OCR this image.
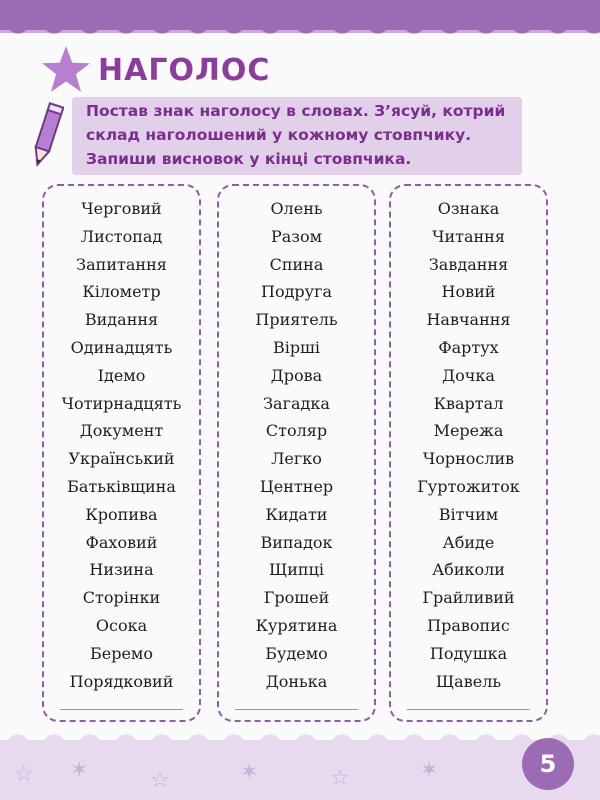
НАГОЛОС
Постав знак наголосу в словах. З’ясуй, котрий склад наголошений у кожному стовпчику. Запиши висновок у кінці стовпчика.
Черговий
Листопад
Запитання
Кілометр
Видання
Одинадцять
Ідемо
Чотирнадцять
Документ
Український
Батьківщина
Кропива
Фаховий
Низина
Сторінки
Осока
Беремо
Порядковий
Олень
Разом
Спина
Подруга
Приятель
Вірші
Дрова
Загадка
Столяр
Легко
Центнер
Кидати
Випадок
Щипці
Грошей
Курятина
Будемо
Донька
Ознака
Читання
Завдання
Новий
Навчання
Фартух
Дочка
Квартал
Мережа
Чорнослив
Гуртожиток
Вітчим
Абиде
Абиколи
Грайливий
Правопис
Подушка
Щавель
☆ ✶	☆	✶	☆	✶	5
